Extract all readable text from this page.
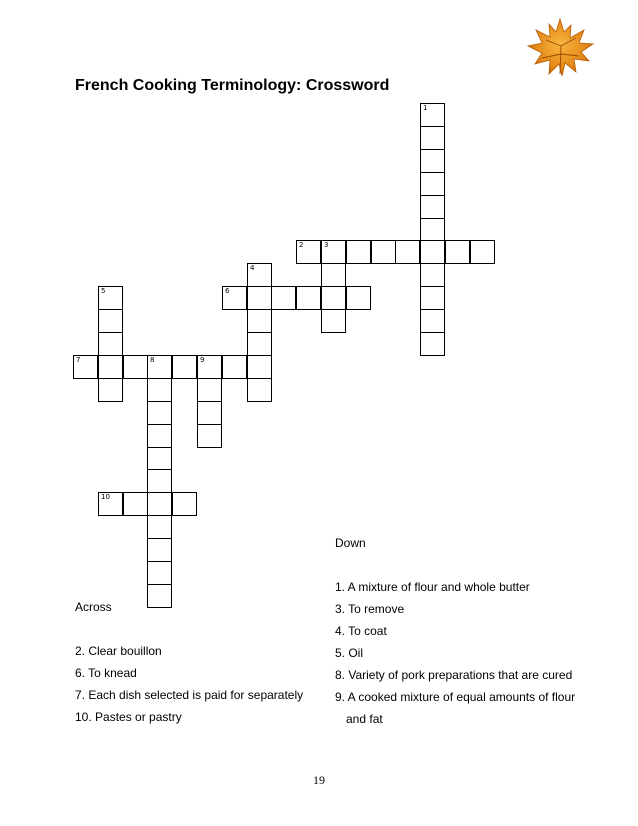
French Cooking Terminology: Crossword
1
2	3
4
5	6
7	8	9
10
Down
1. A mixture of flour and whole butter
3. To remove
4. To coat
5. Oil
8. Variety of pork preparations that are cured
9. A cooked mixture of equal amounts of flour
and fat
Across
2. Clear bouillon
6. To knead
7. Each dish selected is paid for separately
10. Pastes or pastry
19
